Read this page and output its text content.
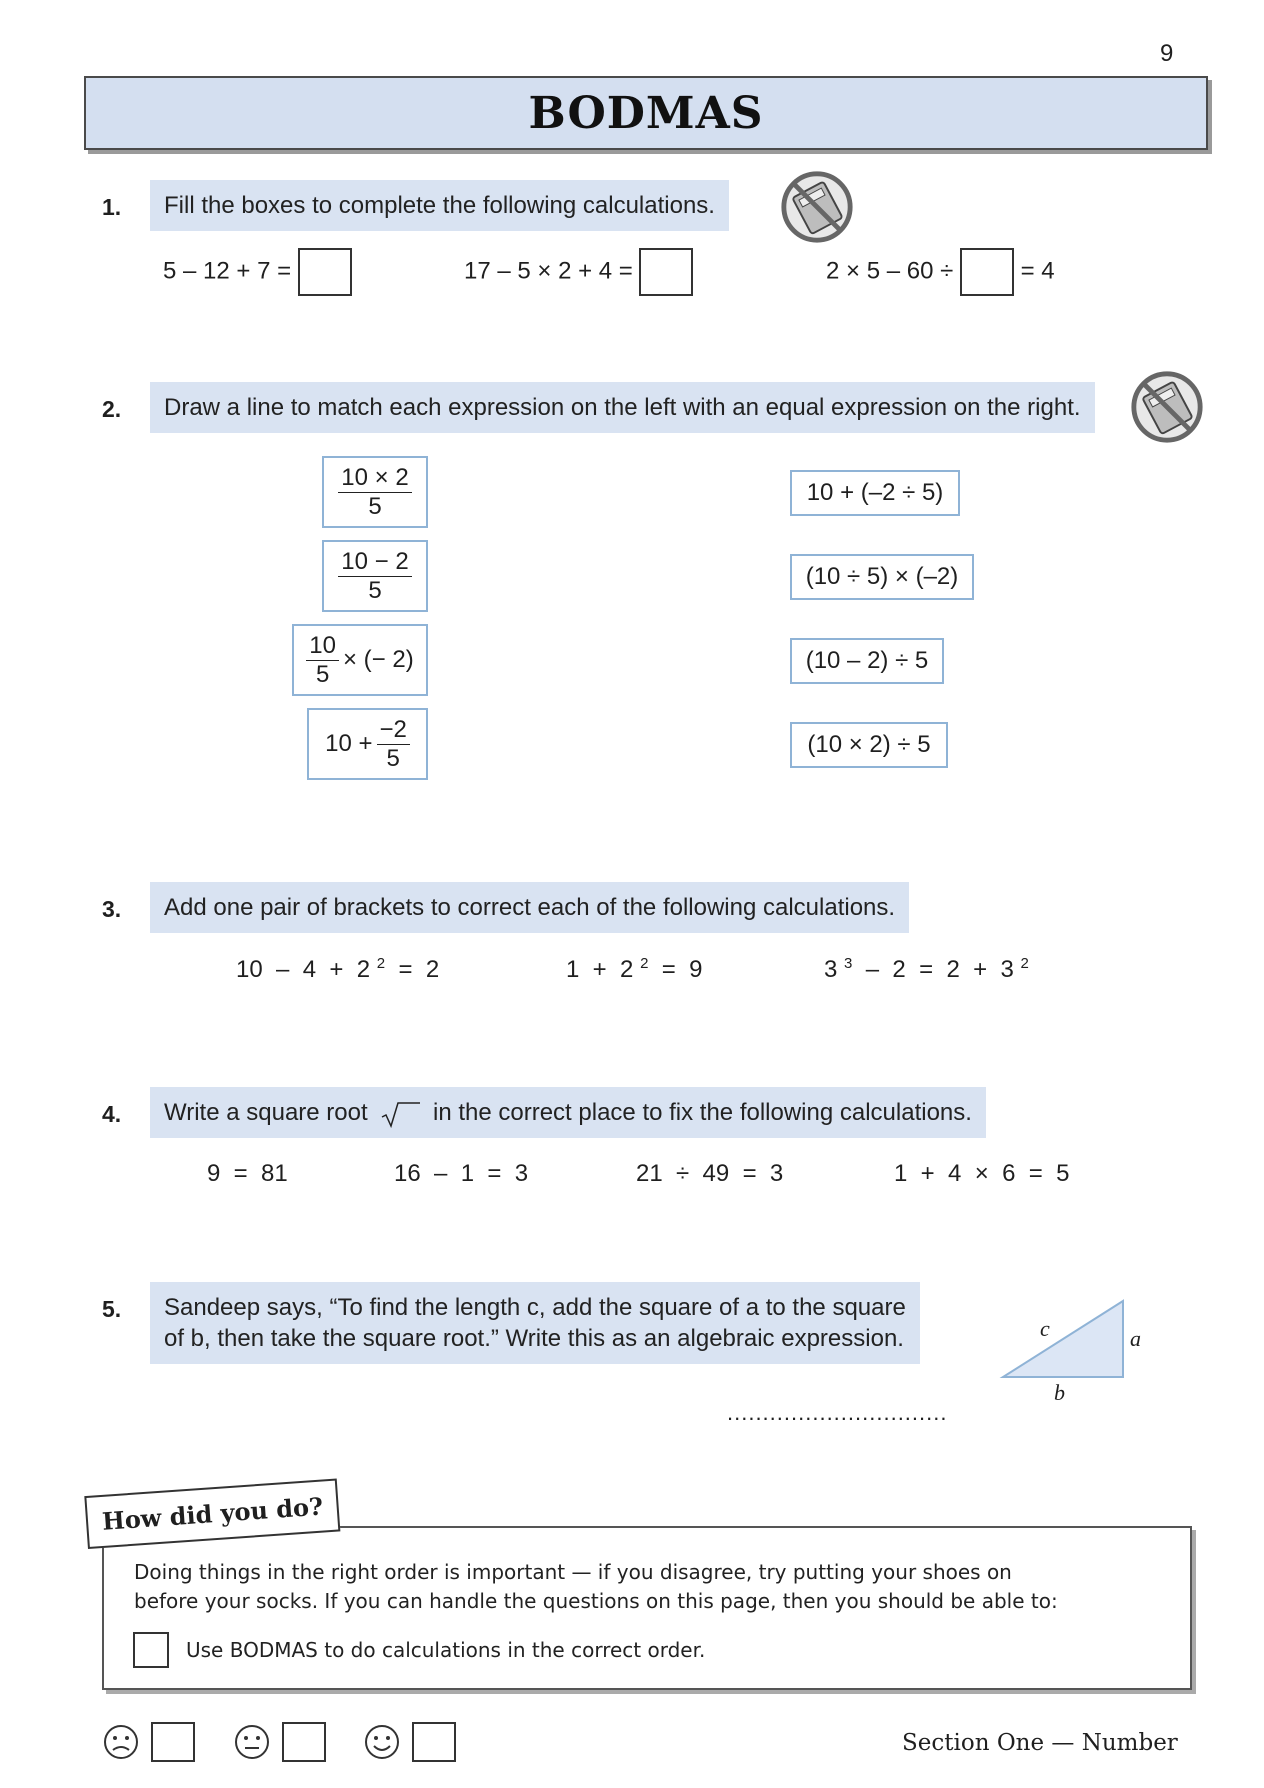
9
BODMAS
1.	Fill the boxes to complete the following calculations.
5 – 12 + 7 =	17 – 5 × 2 + 4 =	2 × 5 – 60 ÷	= 4
2.	Draw a line to match each expression on the left with an equal expression on the right.
$\frac{10 \times 2}{5}$
$\frac{10 - 2}{5}$
$\frac{10}{5}$ × (− 2)
$10 + \frac{-2}{5}$
10 + (–2 ÷ 5)
(10 ÷ 5) × (–2)
(10 – 2) ÷ 5
(10 × 2) ÷ 5
3.	Add one pair of brackets to correct each of the following calculations.
10  –  4  +  2 $^2$ =  2	1  +  2 $^2$ =  9	3 $^3$ –  2  =  2  +  3 $^2$
4.	Write a square root	in the correct place to fix the following calculations.
9  =  81	16  –  1  =  3	21  ÷  49  =  3	1  +  4  ×  6  =  5
5. Sandeep says, “To find the length c, add the square of a to the square
of b, then take the square root.” Write this as an algebraic expression.	c	a
b
...............................
How did you do?
Doing things in the right order is important — if you disagree, try putting your shoes on
before your socks. If you can handle the questions on this page, then you should be able to:
Use BODMAS to do calculations in the correct order.
Section One — Number
